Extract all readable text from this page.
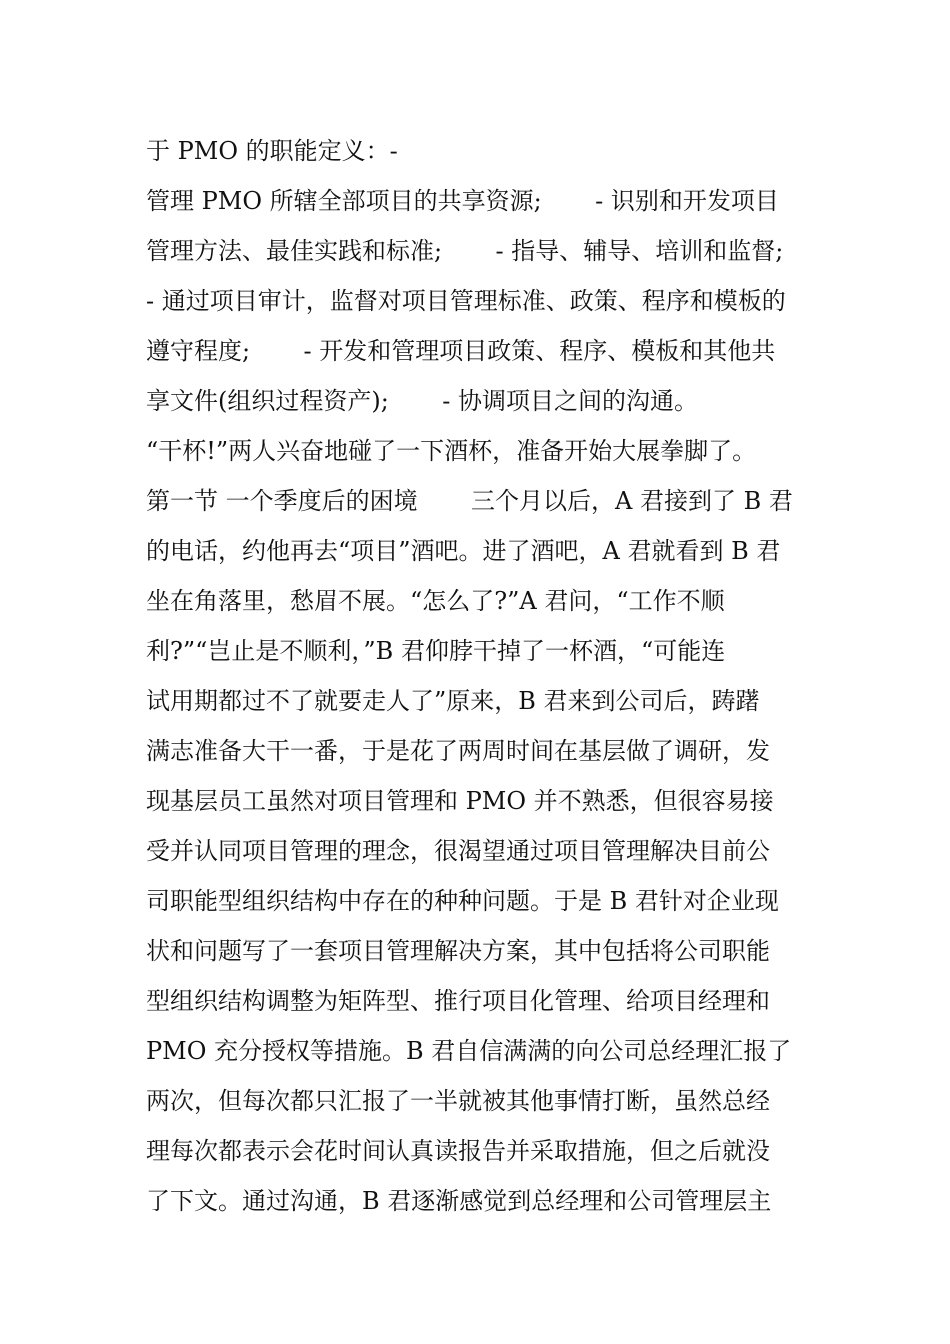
于 PMO 的职能定义：-
管理 PMO 所辖全部项目的共享资源;       - 识别和开发项目
管理方法、最佳实践和标准;       - 指导、辅导、培训和监督;
- 通过项目审计，监督对项目管理标准、政策、程序和模板的
遵守程度;       - 开发和管理项目政策、程序、模板和其他共
享文件(组织过程资产);       - 协调项目之间的沟通。
“干杯!”两人兴奋地碰了一下酒杯，准备开始大展拳脚了。
第一节 一个季度后的困境       三个月以后，A 君接到了 B 君
的电话，约他再去“项目”酒吧。进了酒吧，A 君就看到 B 君
坐在角落里，愁眉不展。“怎么了?”A 君问，“工作不顺
利?”“岂止是不顺利，”B 君仰脖干掉了一杯酒，“可能连
试用期都过不了就要走人了”原来，B 君来到公司后，踌躇
满志准备大干一番，于是花了两周时间在基层做了调研，发
现基层员工虽然对项目管理和 PMO 并不熟悉，但很容易接
受并认同项目管理的理念，很渴望通过项目管理解决目前公
司职能型组织结构中存在的种种问题。于是 B 君针对企业现
状和问题写了一套项目管理解决方案，其中包括将公司职能
型组织结构调整为矩阵型、推行项目化管理、给项目经理和
PMO 充分授权等措施。B 君自信满满的向公司总经理汇报了
两次，但每次都只汇报了一半就被其他事情打断，虽然总经
理每次都表示会花时间认真读报告并采取措施，但之后就没
了下文。通过沟通，B 君逐渐感觉到总经理和公司管理层主
